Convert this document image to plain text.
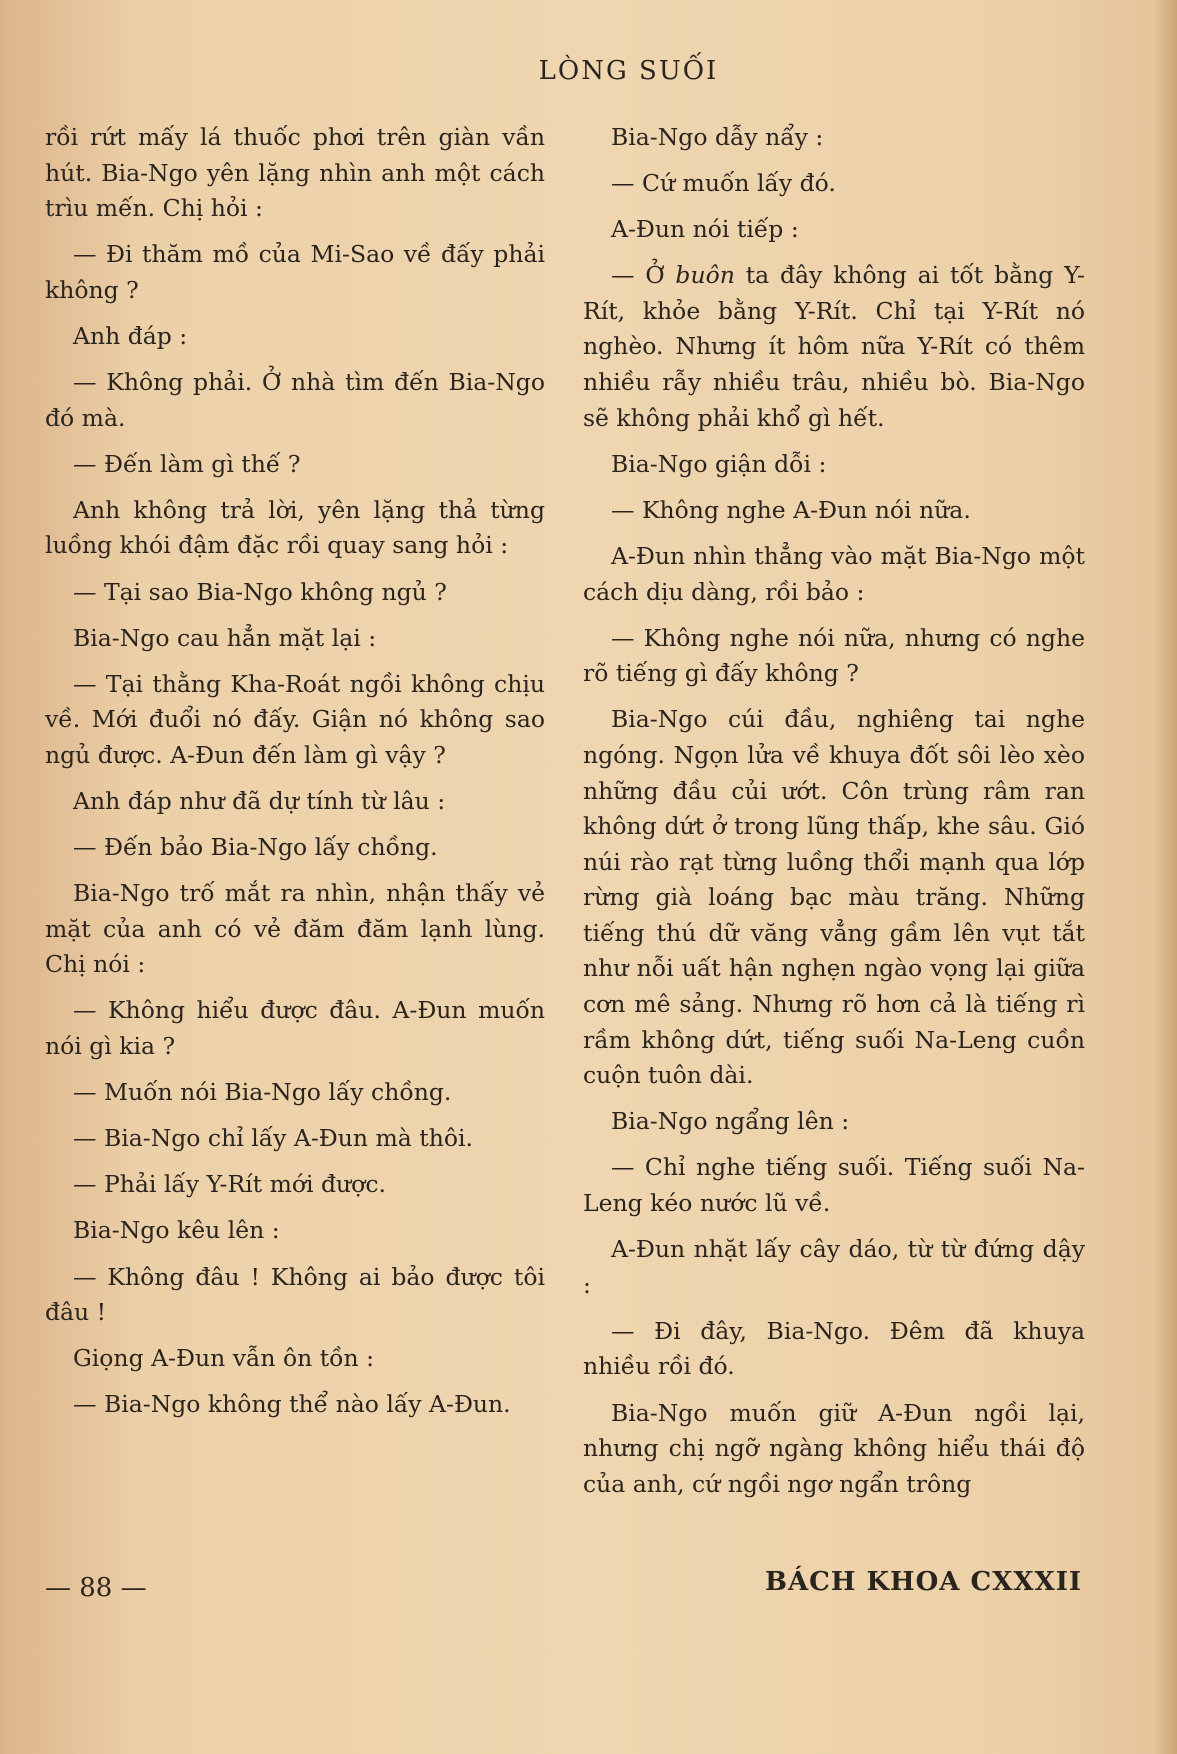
LÒNG SUỐI

rồi rứt mấy lá thuốc phơi trên giàn vần hút. Bia-Ngo yên lặng nhìn anh một cách trìu mến. Chị hỏi :

— Đi thăm mồ của Mi-Sao về đấy phải không ?

Anh đáp :

— Không phải. Ở nhà tìm đến Bia-Ngo đó mà.

— Đến làm gì thế ?

Anh không trả lời, yên lặng thả từng luồng khói đậm đặc rồi quay sang hỏi :

— Tại sao Bia-Ngo không ngủ ?

Bia-Ngo cau hẳn mặt lại :

— Tại thằng Kha-Roát ngồi không chịu về. Mới đuổi nó đấy. Giận nó không sao ngủ được. A-Đun đến làm gì vậy ?

Anh đáp như đã dự tính từ lâu :

— Đến bảo Bia-Ngo lấy chồng.

Bia-Ngo trố mắt ra nhìn, nhận thấy vẻ mặt của anh có vẻ đăm đăm lạnh lùng. Chị nói :

— Không hiểu được đâu. A-Đun muốn nói gì kia ?

— Muốn nói Bia-Ngo lấy chồng.

— Bia-Ngo chỉ lấy A-Đun mà thôi.

— Phải lấy Y-Rít mới được.

Bia-Ngo kêu lên :

— Không đâu ! Không ai bảo được tôi đâu !

Giọng A-Đun vẫn ôn tồn :

— Bia-Ngo không thể nào lấy A-Đun.

Bia-Ngo dẫy nẩy :

— Cứ muốn lấy đó.

A-Đun nói tiếp :

— Ở buôn ta đây không ai tốt bằng Y-Rít, khỏe bằng Y-Rít. Chỉ tại Y-Rít nó nghèo. Nhưng ít hôm nữa Y-Rít có thêm nhiều rẫy nhiều trâu, nhiều bò. Bia-Ngo sẽ không phải khổ gì hết.

Bia-Ngo giận dỗi :

— Không nghe A-Đun nói nữa.

A-Đun nhìn thẳng vào mặt Bia-Ngo một cách dịu dàng, rồi bảo :

— Không nghe nói nữa, nhưng có nghe rõ tiếng gì đấy không ?

Bia-Ngo cúi đầu, nghiêng tai nghe ngóng. Ngọn lửa về khuya đốt sôi lèo xèo những đầu củi ướt. Côn trùng râm ran không dứt ở trong lũng thấp, khe sâu. Gió núi rào rạt từng luồng thổi mạnh qua lớp rừng già loáng bạc màu trăng. Những tiếng thú dữ văng vẳng gầm lên vụt tắt như nỗi uất hận nghẹn ngào vọng lại giữa cơn mê sảng. Nhưng rõ hơn cả là tiếng rì rầm không dứt, tiếng suối Na-Leng cuồn cuộn tuôn dài.

Bia-Ngo ngẩng lên :

— Chỉ nghe tiếng suối. Tiếng suối Na-Leng kéo nước lũ về.

A-Đun nhặt lấy cây dáo, từ từ đứng dậy :

— Đi đây, Bia-Ngo. Đêm đã khuya nhiều rồi đó.

Bia-Ngo muốn giữ A-Đun ngồi lại, nhưng chị ngỡ ngàng không hiểu thái độ của anh, cứ ngồi ngơ ngẩn trông

— 88 —	BÁCH KHOA CXXXII
